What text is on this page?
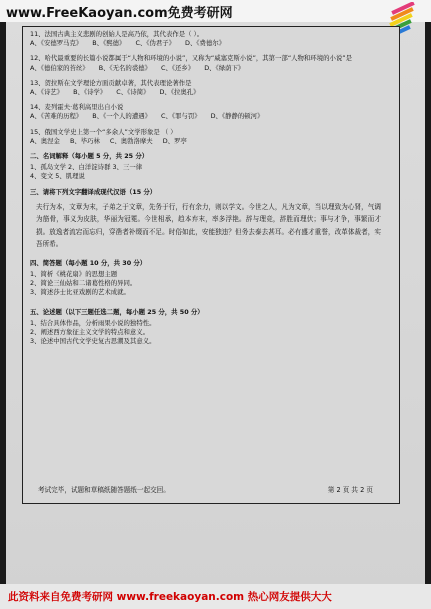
www.FreeKaoyan.com免费考研网
11、法国古典主义悲剧的创始人是高乃依，其代表作是（ ）。
A、《安德罗马克》 B、《熙德》 C、《伪君子》 D、《费德尔》
12、哈代最重要的长篇小说都属于“人物和环境的小说”，又称为“威塞克斯小说”，其第一部“人物和环境的小说”是
A、《德伯家的苔丝》 B、《无名的裘德》 C、《还乡》 D、《绿荫下》
13、贺拉斯在文学理论方面贡献卓著，其代表理论著作是
A、《诗艺》 B、《诗学》 C、《诗简》 D、《拉奥孔》
14、麦列霍夫·葛利高里出自小说
A、《苦难的历程》 B、《一个人的遭遇》 C、《罪与罚》 D、《静静的顿河》
15、俄国文学史上第一个“多余人”文学形象是 （ ）
A、奥涅金 B、毕巧林 C、奥勃洛摩夫 D、罗亭
二、名词解释（每小题 5 分，共 25 分）
1、孤岛文学 2、白洋淀诗群 3、三一律
4、变文 5、肌理说
三、请将下列文字翻译成现代汉语（15 分）
夫行为本，文章为末，子弟之于文章，先务于行，行有余力，则以学文。今世之人，凡为文章，当以理致为心肾，气调为筋骨，事义为皮肤，华丽为冠冕。今世相承，趋本弃末，率多浮艳。辞与理竞，辞胜而理伏；事与才争，事繁而才损。放逸者流宕而忘归，穿凿者补缀而不足。时俗如此，安能独违？但务去泰去甚耳。必有盛才重誉，改革体裁者，实吾所希。
四、简答题（每小题 10 分，共 30 分）
1、简析《桃花扇》的思想主题
2、简论三仙姑和二诸葛性格的异同。
3、简述莎士比亚戏剧的艺术成就。
五、论述题（以下三题任选二题，每小题 25 分，共 50 分）
1、结合具体作品，分析雨果小说的独特性。
2、阐述西方象征主义文学的特点和意义。
3、论述中国古代文学史复古思潮及其意义。
考试完毕，试题和草稿纸随答题纸一起交回。	第 2 页 共 2 页
此资料来自免费考研网 www.freekaoyan.com 热心网友提供大大
